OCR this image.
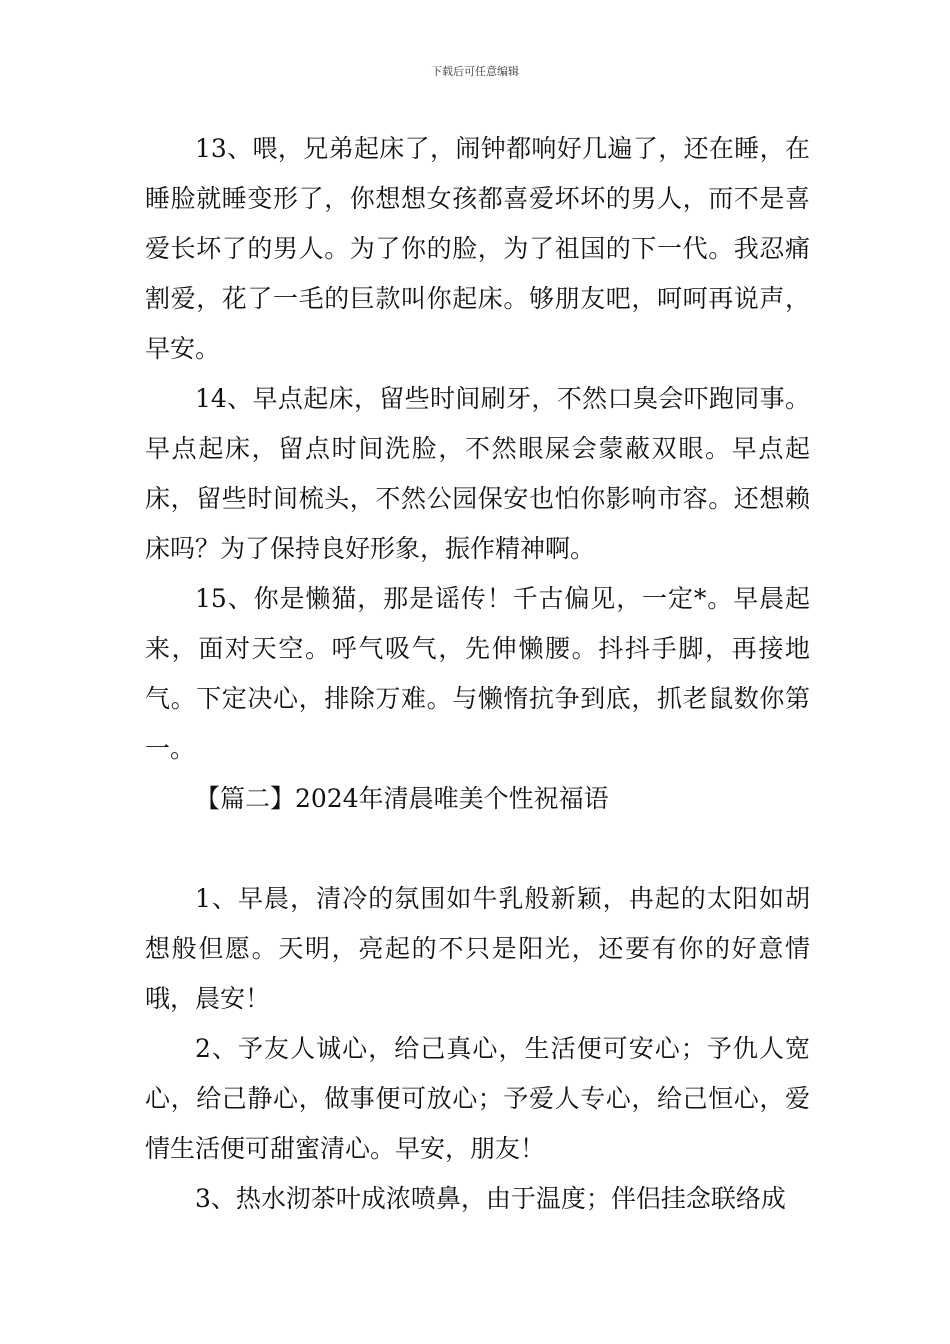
下载后可任意编辑

13、喂，兄弟起床了，闹钟都响好几遍了，还在睡，在睡脸就睡变形了，你想想女孩都喜爱坏坏的男人，而不是喜爱长坏了的男人。为了你的脸，为了祖国的下一代。我忍痛割爱，花了一毛的巨款叫你起床。够朋友吧，呵呵再说声，早安。

14、早点起床，留些时间刷牙，不然口臭会吓跑同事。早点起床，留点时间洗脸，不然眼屎会蒙蔽双眼。早点起床，留些时间梳头，不然公园保安也怕你影响市容。还想赖床吗？为了保持良好形象，振作精神啊。

15、你是懒猫，那是谣传！千古偏见，一定*。早晨起来，面对天空。呼气吸气，先伸懒腰。抖抖手脚，再接地气。下定决心，排除万难。与懒惰抗争到底，抓老鼠数你第一。

【篇二】2024年清晨唯美个性祝福语

1、早晨，清冷的氛围如牛乳般新颖，冉起的太阳如胡想般但愿。天明，亮起的不只是阳光，还要有你的好意情哦，晨安！

2、予友人诚心，给己真心，生活便可安心；予仇人宽心，给己静心，做事便可放心；予爱人专心，给己恒心，爱情生活便可甜蜜清心。早安，朋友！

3、热水沏茶叶成浓喷鼻，由于温度；伴侣挂念联络成
